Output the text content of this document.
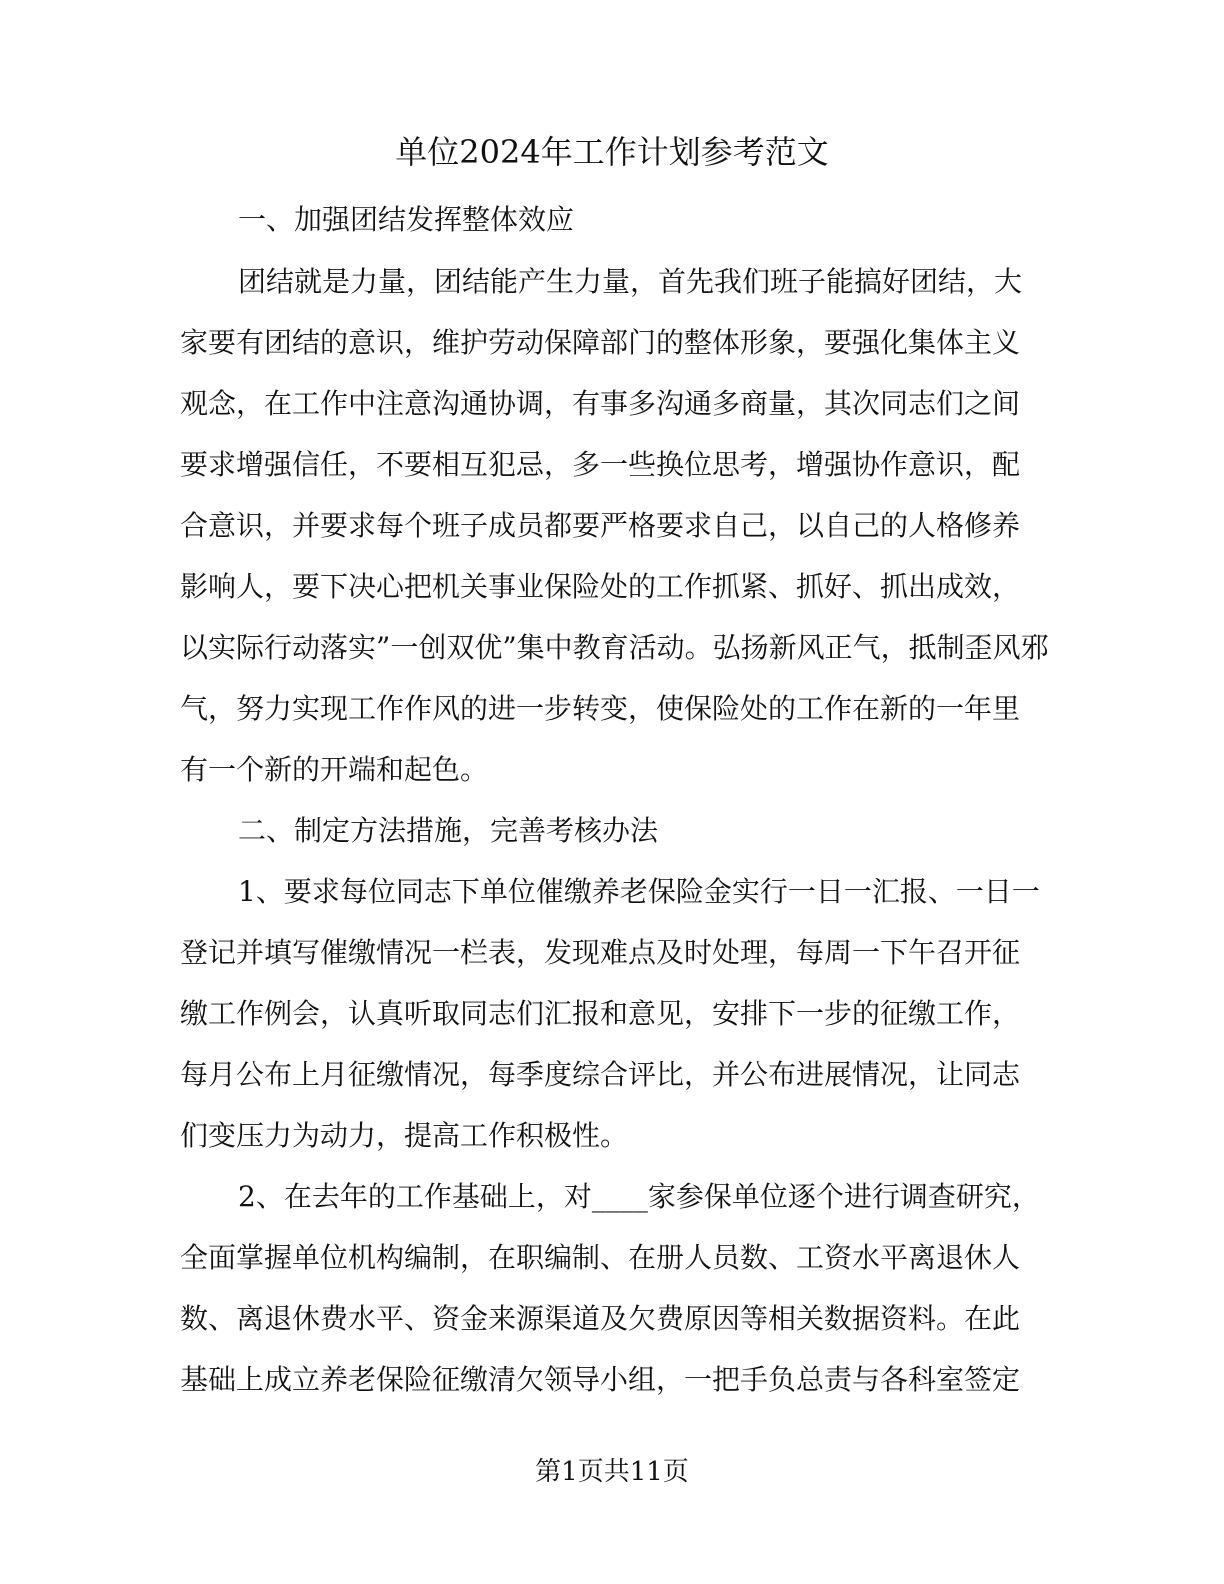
单位2024年工作计划参考范文
一、加强团结发挥整体效应
团结就是力量，团结能产生力量，首先我们班子能搞好团结，大
家要有团结的意识，维护劳动保障部门的整体形象，要强化集体主义
观念，在工作中注意沟通协调，有事多沟通多商量，其次同志们之间
要求增强信任，不要相互犯忌，多一些换位思考，增强协作意识，配
合意识，并要求每个班子成员都要严格要求自己，以自己的人格修养
影响人，要下决心把机关事业保险处的工作抓紧、抓好、抓出成效，
以实际行动落实”一创双优”集中教育活动。弘扬新风正气，抵制歪风邪
气，努力实现工作作风的进一步转变，使保险处的工作在新的一年里
有一个新的开端和起色。
二、制定方法措施，完善考核办法
1、要求每位同志下单位催缴养老保险金实行一日一汇报、一日一
登记并填写催缴情况一栏表，发现难点及时处理，每周一下午召开征
缴工作例会，认真听取同志们汇报和意见，安排下一步的征缴工作，
每月公布上月征缴情况，每季度综合评比，并公布进展情况，让同志
们变压力为动力，提高工作积极性。
2、在去年的工作基础上，对____家参保单位逐个进行调查研究，
全面掌握单位机构编制，在职编制、在册人员数、工资水平离退休人
数、离退休费水平、资金来源渠道及欠费原因等相关数据资料。在此
基础上成立养老保险征缴清欠领导小组，一把手负总责与各科室签定
第1页共11页
